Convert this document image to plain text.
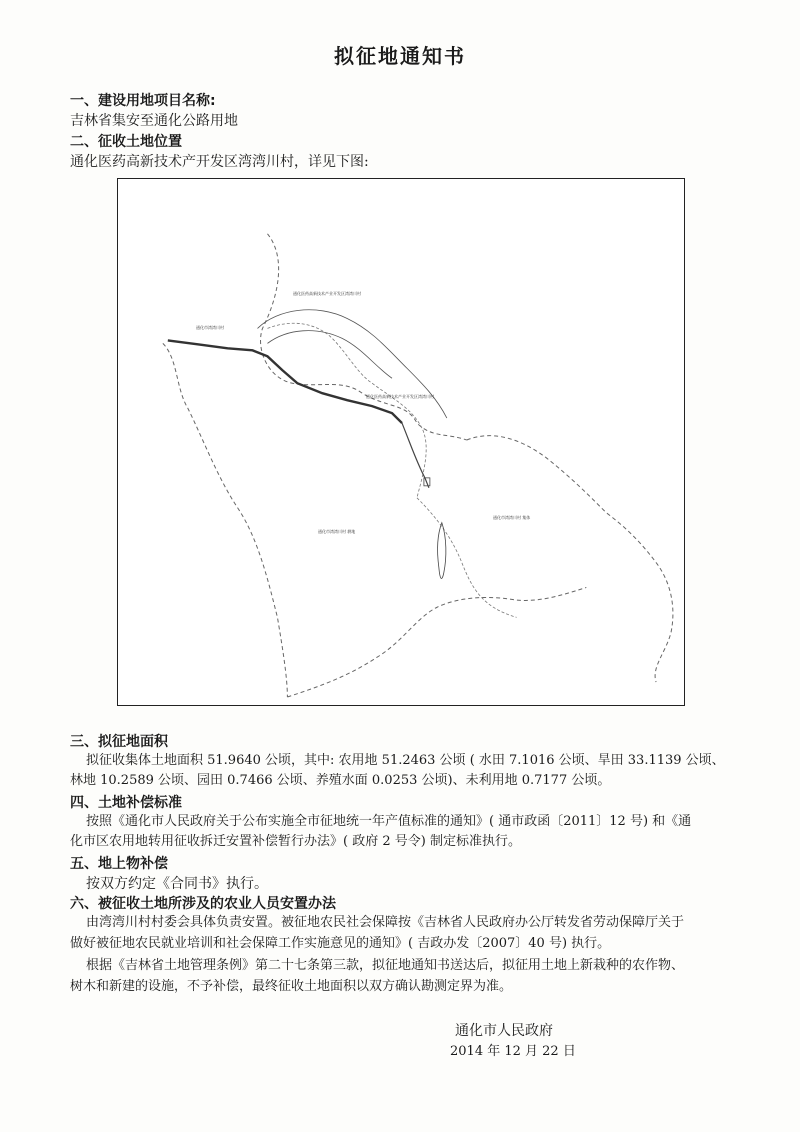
拟征地通知书
一、建设用地项目名称:
吉林省集安至通化公路用地
二、征收土地位置
通化医药高新技术产开发区湾湾川村，详见下图:
通化医药高新技术产业开发区湾湾川村
通化市湾湾川村
通化医药高新技术产业开发区湾湾川村
通化市湾湾川村 耕地
通化市湾湾川村 集体
三、拟征地面积
拟征收集体土地面积 51.9640 公顷，其中: 农用地 51.2463 公顷 ( 水田 7.1016 公顷、旱田 33.1139 公顷、
林地 10.2589 公顷、园田 0.7466 公顷、养殖水面 0.0253 公顷)、未利用地 0.7177 公顷。
四、土地补偿标准
按照《通化市人民政府关于公布实施全市征地统一年产值标准的通知》( 通市政函〔2011〕12 号) 和《通
化市区农用地转用征收拆迁安置补偿暂行办法》( 政府 2 号令) 制定标准执行。
五、地上物补偿
按双方约定《合同书》执行。
六、被征收土地所涉及的农业人员安置办法
由湾湾川村村委会具体负责安置。被征地农民社会保障按《吉林省人民政府办公厅转发省劳动保障厅关于
做好被征地农民就业培训和社会保障工作实施意见的通知》( 吉政办发〔2007〕40 号) 执行。
根据《吉林省土地管理条例》第二十七条第三款，拟征地通知书送达后，拟征用土地上新栽种的农作物、
树木和新建的设施，不予补偿，最终征收土地面积以双方确认勘测定界为准。
通化市人民政府
2014 年 12 月 22 日
